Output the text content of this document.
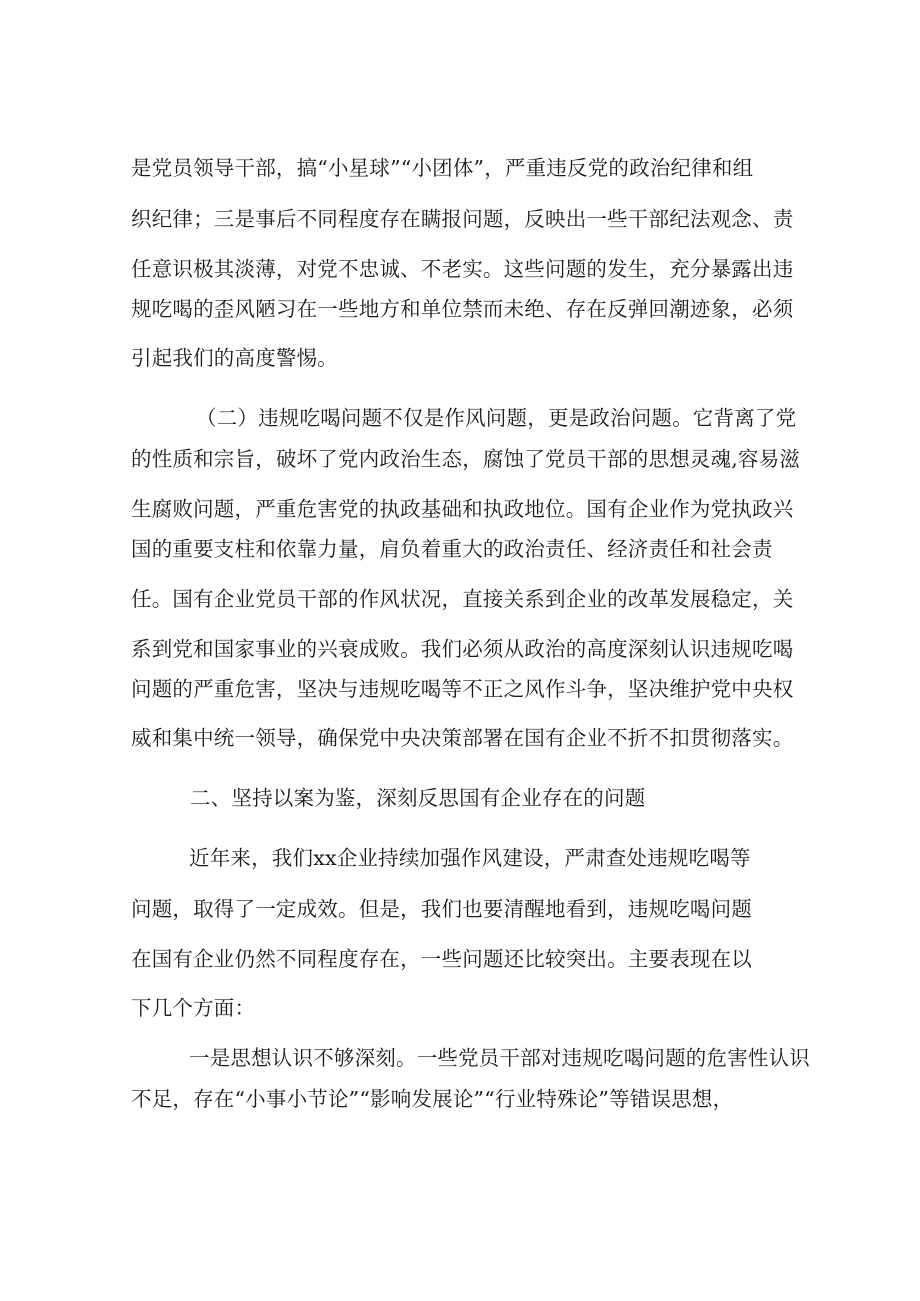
是党员领导干部，搞“小星球”“小团体”，严重违反党的政治纪律和组

织纪律；三是事后不同程度存在瞒报问题，反映出一些干部纪法观念、责

任意识极其淡薄，对党不忠诚、不老实。这些问题的发生，充分暴露出违

规吃喝的歪风陋习在一些地方和单位禁而未绝、存在反弹回潮迹象，必须

引起我们的高度警惕。

（二）违规吃喝问题不仅是作风问题，更是政治问题。它背离了党

的性质和宗旨，破坏了党内政治生态，腐蚀了党员干部的思想灵魂,容易滋

生腐败问题，严重危害党的执政基础和执政地位。国有企业作为党执政兴

国的重要支柱和依靠力量，肩负着重大的政治责任、经济责任和社会责

任。国有企业党员干部的作风状况，直接关系到企业的改革发展稳定，关

系到党和国家事业的兴衰成败。我们必须从政治的高度深刻认识违规吃喝

问题的严重危害，坚决与违规吃喝等不正之风作斗争，坚决维护党中央权

威和集中统一领导，确保党中央决策部署在国有企业不折不扣贯彻落实。

二、坚持以案为鉴，深刻反思国有企业存在的问题

近年来，我们xx企业持续加强作风建设，严肃查处违规吃喝等

问题，取得了一定成效。但是，我们也要清醒地看到，违规吃喝问题

在国有企业仍然不同程度存在，一些问题还比较突出。主要表现在以

下几个方面：

一是思想认识不够深刻。一些党员干部对违规吃喝问题的危害性认识

不足，存在“小事小节论”“影响发展论”“行业特殊论”等错误思想，
